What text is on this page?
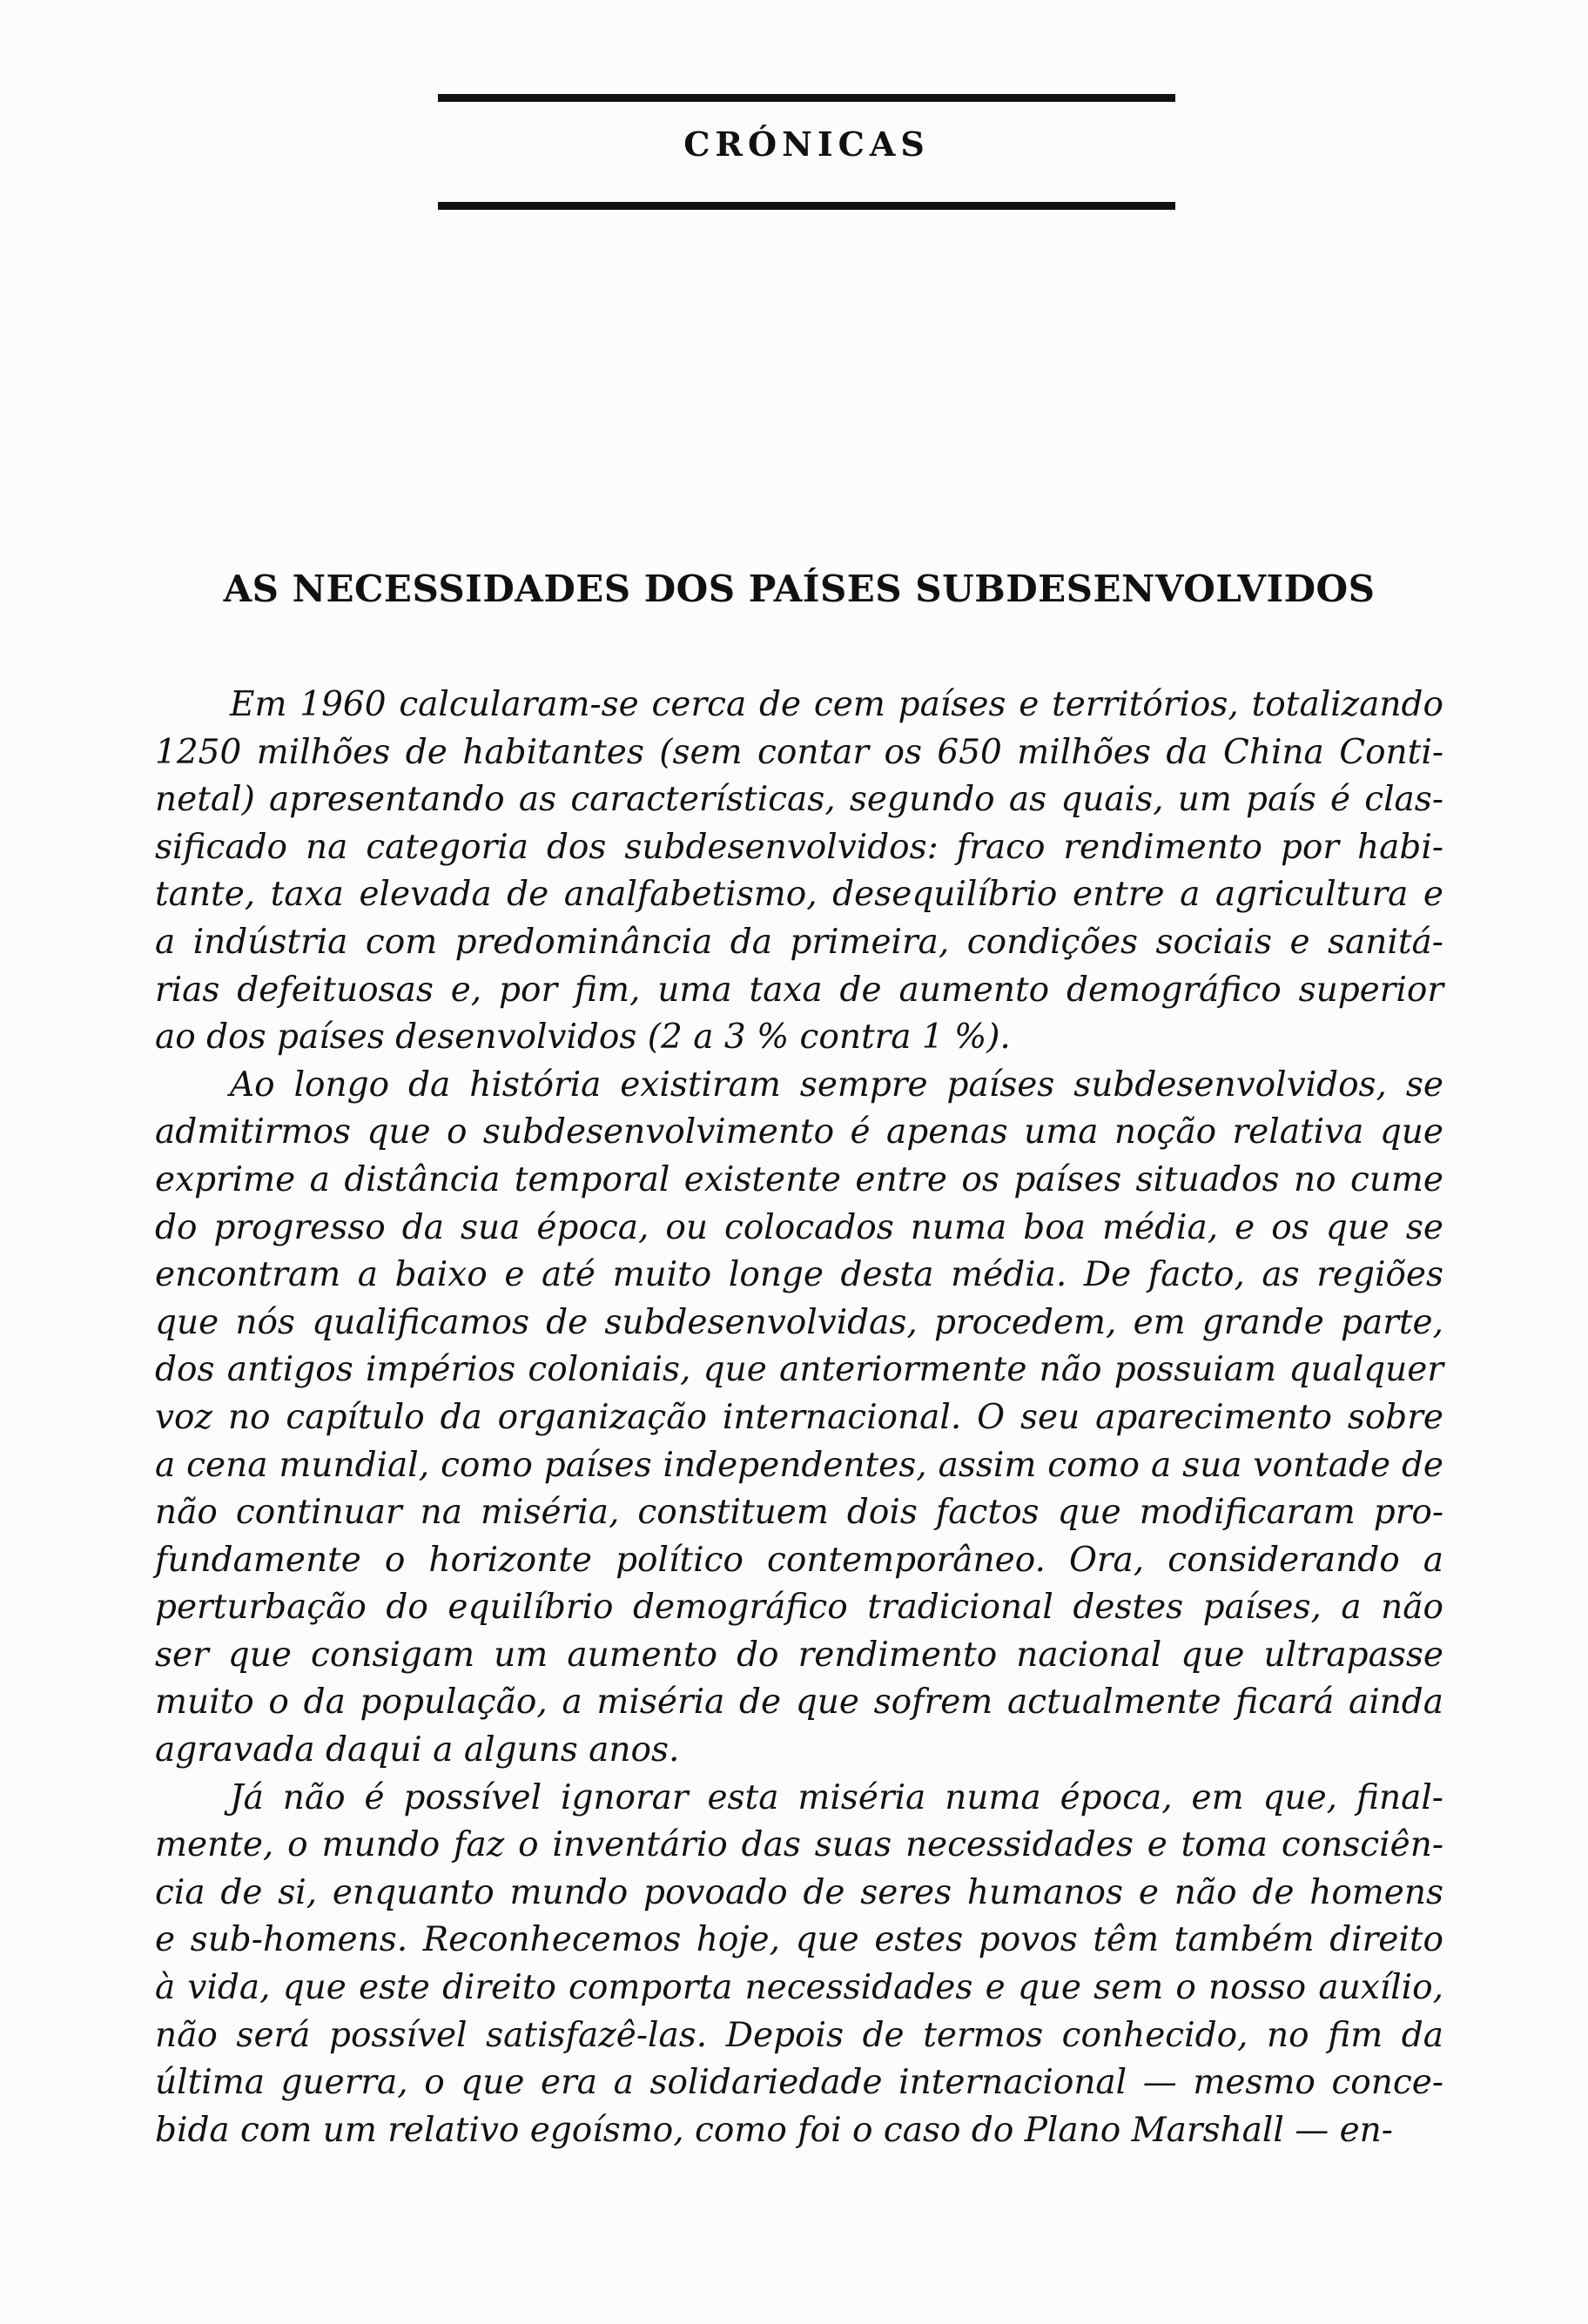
CRÓNICAS
AS NECESSIDADES DOS PAÍSES SUBDESENVOLVIDOS
Em 1960 calcularam-se cerca de cem países e territórios, totalizando
1250 milhões de habitantes (sem contar os 650 milhões da China Conti-
netal) apresentando as características, segundo as quais, um país é clas-
sificado na categoria dos subdesenvolvidos: fraco rendimento por habi-
tante, taxa elevada de analfabetismo, desequilíbrio entre a agricultura e
a indústria com predominância da primeira, condições sociais e sanitá-
rias defeituosas e, por fim, uma taxa de aumento demográfico superior
ao dos países desenvolvidos (2 a 3 % contra 1 %).
Ao longo da história existiram sempre países subdesenvolvidos, se
admitirmos que o subdesenvolvimento é apenas uma noção relativa que
exprime a distância temporal existente entre os países situados no cume
do progresso da sua época, ou colocados numa boa média, e os que se
encontram a baixo e até muito longe desta média. De facto, as regiões
que nós qualificamos de subdesenvolvidas, procedem, em grande parte,
dos antigos impérios coloniais, que anteriormente não possuiam qualquer
voz no capítulo da organização internacional. O seu aparecimento sobre
a cena mundial, como países independentes, assim como a sua vontade de
não continuar na miséria, constituem dois factos que modificaram pro-
fundamente o horizonte político contemporâneo. Ora, considerando a
perturbação do equilíbrio demográfico tradicional destes países, a não
ser que consigam um aumento do rendimento nacional que ultrapasse
muito o da população, a miséria de que sofrem actualmente ficará ainda
agravada daqui a alguns anos.
Já não é possível ignorar esta miséria numa época, em que, final-
mente, o mundo faz o inventário das suas necessidades e toma consciên-
cia de si, enquanto mundo povoado de seres humanos e não de homens
e sub-homens. Reconhecemos hoje, que estes povos têm também direito
à vida, que este direito comporta necessidades e que sem o nosso auxílio,
não será possível satisfazê-las. Depois de termos conhecido, no fim da
última guerra, o que era a solidariedade internacional — mesmo conce-
bida com um relativo egoísmo, como foi o caso do Plano Marshall — en-
